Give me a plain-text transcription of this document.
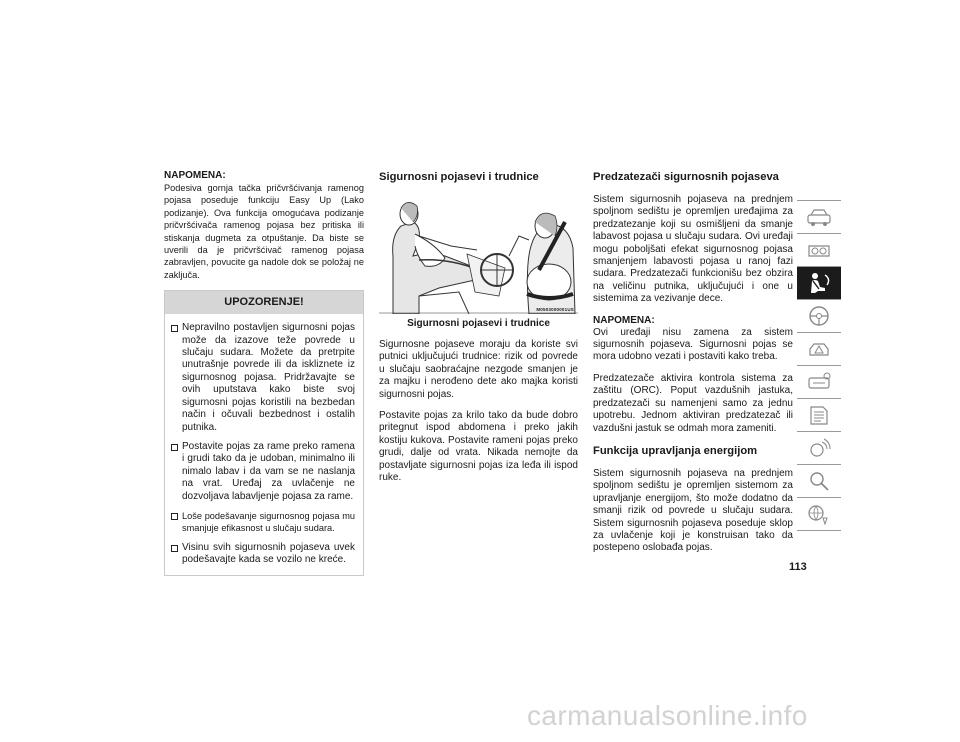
NAPOMENA:
Podesiva gornja tačka pričvršćivanja ramenog pojasa poseduje funkciju Easy Up (Lako podizanje). Ova funkcija omogućava podizanje pričvršćivača ramenog pojasa bez pritiska ili stiskanja dugmeta za otpuštanje. Da biste se uverili da je pričvršćivač ramenog pojasa zabravljen, povucite ga nadole dok se položaj ne zaključa.
UPOZORENJE!
Nepravilno postavljen sigurnosni pojas može da izazove teže povrede u slučaju sudara. Možete da pretrpite unutrašnje povrede ili da iskliznete iz sigurnosnog pojasa. Pridržavajte se ovih uputstava kako biste svoj sigurnosni pojas koristili na bezbedan način i očuvali bezbednost i ostalih putnika.
Postavite pojas za rame preko ramena i grudi tako da je udoban, minimalno ili nimalo labav i da vam se ne naslanja na vrat. Uređaj za uvlačenje ne dozvoljava labavljenje pojasa za rame.
Loše podešavanje sigurnosnog pojasa mu smanjuje efikasnost u slučaju sudara.
Visinu svih sigurnosnih pojaseva uvek podešavajte kada se vozilo ne kreće.
Sigurnosni pojasevi i trudnice
M0503000001US
Sigurnosni pojasevi i trudnice
Sigurnosne pojaseve moraju da koriste svi putnici uključujući trudnice: rizik od povrede u slučaju saobraćajne nezgode smanjen je za majku i nerođeno dete ako majka koristi sigurnosni pojas.
Postavite pojas za krilo tako da bude dobro pritegnut ispod abdomena i preko jakih kostiju kukova. Postavite rameni pojas preko grudi, dalje od vrata. Nikada nemojte da postavljate sigurnosni pojas iza leđa ili ispod ruke.
Predzatezači sigurnosnih pojaseva
Sistem sigurnosnih pojaseva na prednjem spoljnom sedištu je opremljen uređajima za predzatezanje koji su osmišljeni da smanje labavost pojasa u slučaju sudara. Ovi uređaji mogu poboljšati efekat sigurnosnog pojasa smanjenjem labavosti pojasa u ranoj fazi sudara. Predzatezači funkcionišu bez obzira na veličinu putnika, uključujući i one u sistemima za vezivanje dece.
NAPOMENA:
Ovi uređaji nisu zamena za sistem sigurnosnih pojaseva. Sigurnosni pojas se mora udobno vezati i postaviti kako treba.
Predzatezače aktivira kontrola sistema za zaštitu (ORC). Poput vazdušnih jastuka, predzatezači su namenjeni samo za jednu upotrebu. Jednom aktiviran predzatezač ili vazdušni jastuk se odmah mora zameniti.
Funkcija upravljanja energijom
Sistem sigurnosnih pojaseva na prednjem spoljnom sedištu je opremljen sistemom za upravljanje energijom, što može dodatno da smanji rizik od povrede u slučaju sudara. Sistem sigurnosnih pojaseva poseduje sklop za uvlačenje koji je konstruisan tako da postepeno oslobađa pojas.
113
carmanualsonline.info
